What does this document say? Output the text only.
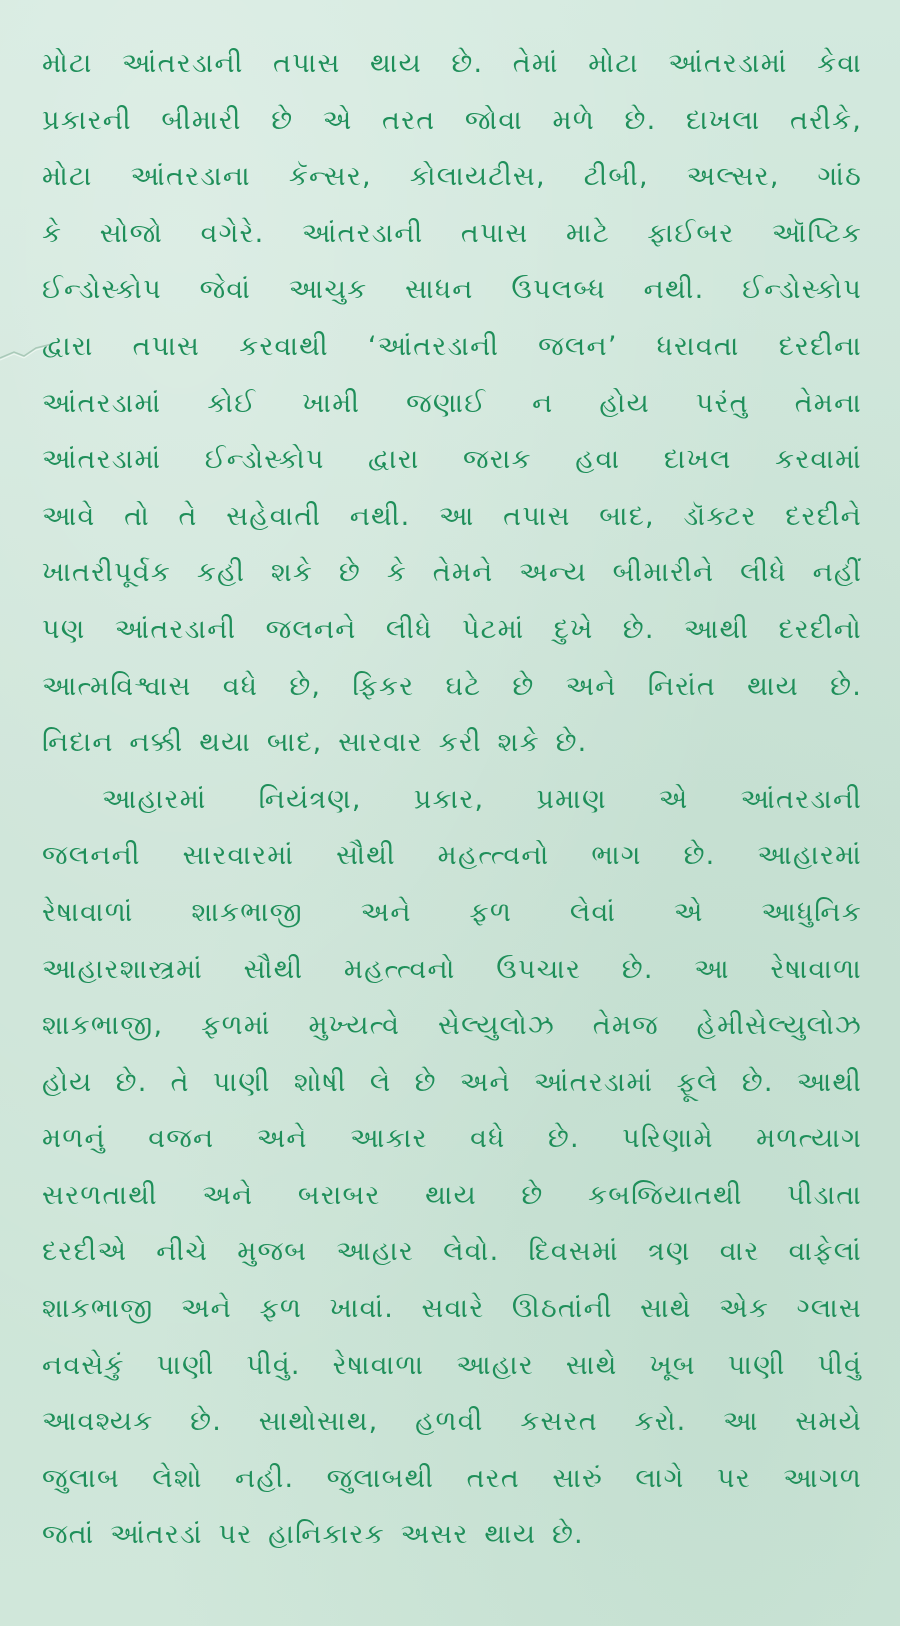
મોટા આંતરડાની તપાસ થાય છે. તેમાં મોટા આંતરડામાં કેવા
પ્રકારની બીમારી છે એ તરત જોવા મળે છે. દાખલા તરીકે,
મોટા આંતરડાના કૅન્સર, કોલાયટીસ, ટીબી, અલ્સર, ગાંઠ
કે સોજો વગેરે. આંતરડાની તપાસ માટે ફાઈબર ઑપ્ટિક
ઈન્ડોસ્કોપ જેવાં આચુક સાધન ઉપલબ્ધ નથી. ઈન્ડોસ્કોપ
દ્વારા તપાસ કરવાથી ‘આંતરડાની જલન’ ધરાવતા દરદીના
આંતરડામાં કોઈ ખામી જણાઈ ન હોય પરંતુ તેમના
આંતરડામાં ઈન્ડોસ્કોપ દ્વારા જરાક હવા દાખલ કરવામાં
આવે તો તે સહેવાતી નથી. આ તપાસ બાદ, ડૉક્ટર દરદીને
ખાતરીપૂર્વક કહી શકે છે કે તેમને અન્ય બીમારીને લીધે નહીં
પણ આંતરડાની જલનને લીધે પેટમાં દુખે છે. આથી દરદીનો
આત્મવિશ્વાસ વધે છે, ફિકર ઘટે છે અને નિરાંત થાય છે.
નિદાન નક્કી થયા બાદ, સારવાર કરી શકે છે.
આહારમાં નિયંત્રણ, પ્રકાર, પ્રમાણ એ આંતરડાની
જલનની સારવારમાં સૌથી મહત્ત્વનો ભાગ છે. આહારમાં
રેષાવાળાં શાકભાજી અને ફળ લેવાં એ આધુનિક
આહારશાસ્ત્રમાં સૌથી મહત્ત્વનો ઉપચાર છે. આ રેષાવાળા
શાકભાજી, ફળમાં મુખ્યત્વે સેલ્યુલોઝ તેમજ હેમીસેલ્યુલોઝ
હોય છે. તે પાણી શોષી લે છે અને આંતરડામાં ફૂલે છે. આથી
મળનું વજન અને આકાર વધે છે. પરિણામે મળત્યાગ
સરળતાથી અને બરાબર થાય છે કબજિયાતથી પીડાતા
દરદીએ નીચે મુજબ આહાર લેવો. દિવસમાં ત્રણ વાર વાફેલાં
શાકભાજી અને ફળ ખાવાં. સવારે ઊઠતાંની સાથે એક ગ્લાસ
નવસેકું પાણી પીવું. રેષાવાળા આહાર સાથે ખૂબ પાણી પીવું
આવશ્યક છે. સાથોસાથ, હળવી કસરત કરો. આ સમયે
જુલાબ લેશો નહી. જુલાબથી તરત સારું લાગે પર આગળ
જતાં આંતરડાં પર હાનિકારક અસર થાય છે.
